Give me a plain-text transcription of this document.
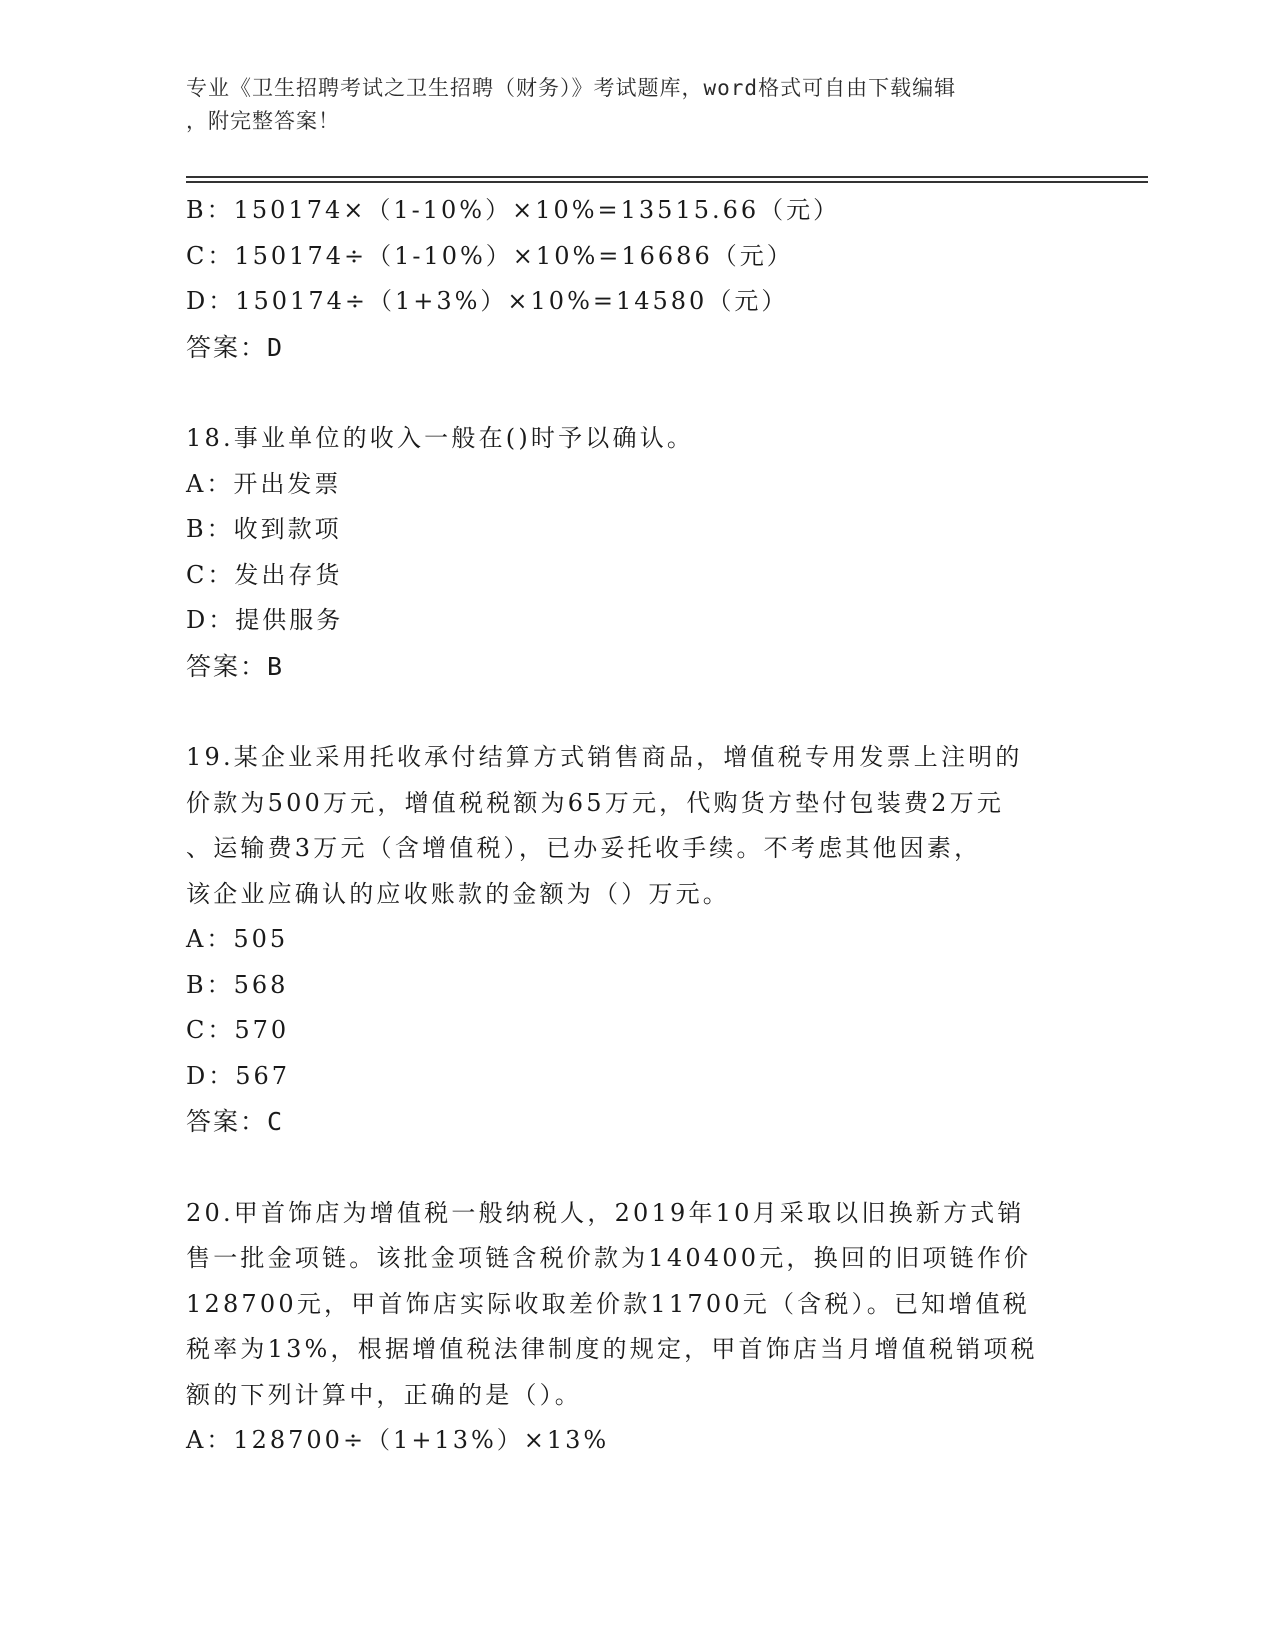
专业《卫生招聘考试之卫生招聘（财务）》考试题库，word格式可自由下载编辑
，附完整答案！
B：150174×（1-10%）×10%=13515.66（元）
C：150174÷（1-10%）×10%=16686（元）
D：150174÷（1+3%）×10%=14580（元）
答案：D
18.事业单位的收入一般在()时予以确认。
A：开出发票
B：收到款项
C：发出存货
D：提供服务
答案：B
19.某企业采用托收承付结算方式销售商品，增值税专用发票上注明的
价款为500万元，增值税税额为65万元，代购货方垫付包装费2万元
、运输费3万元（含增值税），已办妥托收手续。不考虑其他因素，
该企业应确认的应收账款的金额为（）万元。
A：505
B：568
C：570
D：567
答案：C
20.甲首饰店为增值税一般纳税人，2019年10月采取以旧换新方式销
售一批金项链。该批金项链含税价款为140400元，换回的旧项链作价
128700元，甲首饰店实际收取差价款11700元（含税）。已知增值税
税率为13%，根据增值税法律制度的规定，甲首饰店当月增值税销项税
额的下列计算中，正确的是（）。
A：128700÷（1+13%）×13%
